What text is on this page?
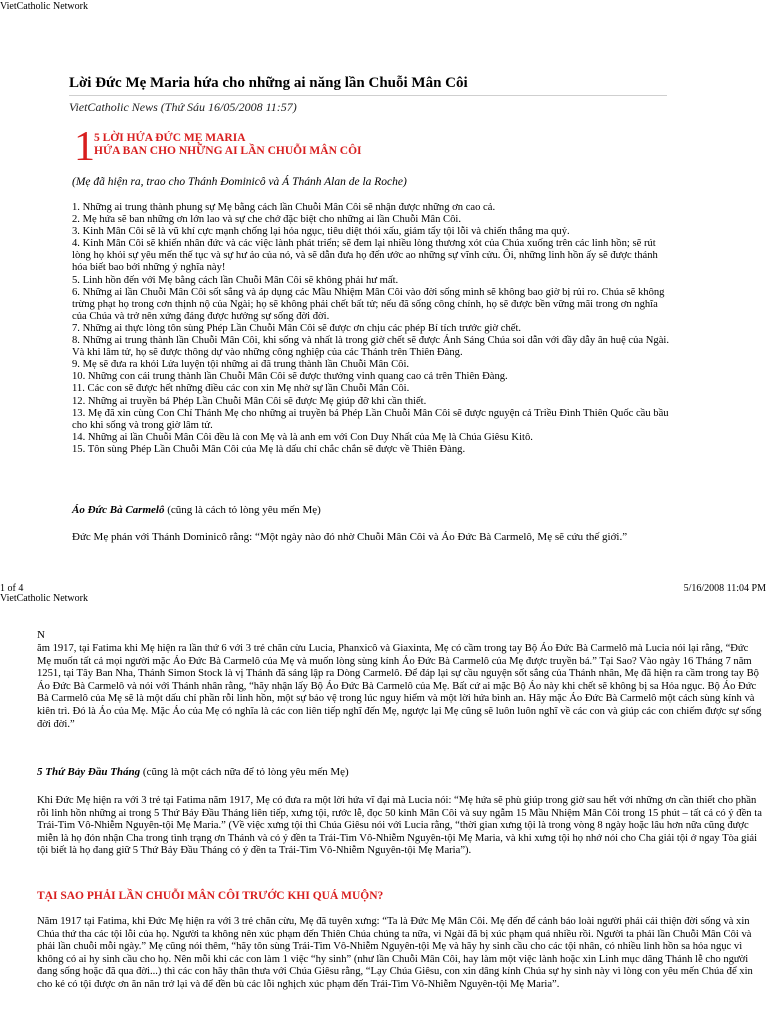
VietCatholic Network
Lời Đức Mẹ Maria hứa cho những ai năng lần Chuỗi Mân Côi
VietCatholic News (Thứ Sáu 16/05/2008 11:57)
1 5 LỜI HỨA ĐỨC MẸ MARIA
HỨA BAN CHO NHỮNG AI LẦN CHUỖI MÂN CÔI
(Mẹ đã hiện ra, trao cho Thánh Đominicô và Á Thánh Alan de la Roche)
1. Những ai trung thành phung sự Mẹ bằng cách lần Chuỗi Mân Côi sẽ nhận được những ơn cao cả.
2. Mẹ hứa sẽ ban những ơn lớn lao và sự che chở đặc biệt cho những ai lần Chuỗi Mân Côi.
3. Kinh Mân Côi sẽ là vũ khí cực mạnh chống lại hỏa ngục, tiêu diệt thói xấu, giảm tẩy tội lỗi và chiến thắng ma quỷ.
4. Kinh Mân Côi sẽ khiến nhân đức và các việc lành phát triển; sẽ đem lại nhiều lòng thương xót của Chúa xuống trên các linh hồn; sẽ rút lòng họ khỏi sự yêu mến thế tục và sự hư ảo của nó, và sẽ dẫn đưa họ đến ước ao những sự vĩnh cửu. Ôi, những linh hồn ấy sẽ được thánh hóa biết bao bởi những ý nghĩa này!
5. Linh hồn đến với Mẹ bằng cách lần Chuỗi Mân Côi sẽ không phải hư mất.
6. Những ai lần Chuỗi Mân Côi sốt sắng và áp dụng các Mầu Nhiệm Mân Côi vào đời sống mình sẽ không bao giờ bị rủi ro. Chúa sẽ không trừng phạt họ trong cơn thịnh nộ của Ngài; họ sẽ không phải chết bất tử; nếu đã sống công chính, họ sẽ được bền vững mãi trong ơn nghĩa của Chúa và trở nên xứng đáng được hưởng sự sống đời đời.
7. Những ai thực lòng tôn sùng Phép Lần Chuỗi Mân Côi sẽ được ơn chịu các phép Bí tích trước giờ chết.
8. Những ai trung thành lần Chuỗi Mân Côi, khi sống và nhất là trong giờ chết sẽ được Ánh Sáng Chúa soi dẫn với đầy dẫy ân huệ của Ngài. Và khi lâm tử, họ sẽ được thông dự vào những công nghiệp của các Thánh trên Thiên Đàng.
9. Mẹ sẽ đưa ra khỏi Lửa luyện tội những ai đã trung thành lần Chuỗi Mân Côi.
10. Những con cái trung thành lần Chuỗi Mân Côi sẽ được thưởng vinh quang cao cả trên Thiên Đàng.
11. Các con sẽ được hết những điều các con xin Mẹ nhờ sự lần Chuỗi Mân Côi.
12. Những ai truyền bá Phép Lần Chuỗi Mân Côi sẽ được Mẹ giúp đỡ khi cần thiết.
13. Mẹ đã xin cùng Con Chí Thánh Mẹ cho những ai truyền bá Phép Lần Chuỗi Mân Côi sẽ được nguyện cả Triều Đình Thiên Quốc cầu bầu cho khi sống và trong giờ lâm tử.
14. Những ai lần Chuỗi Mân Côi đều là con Mẹ và là anh em với Con Duy Nhất của Mẹ là Chúa Giêsu Kitô.
15. Tôn sùng Phép Lần Chuỗi Mân Côi của Mẹ là dấu chỉ chắc chắn sẽ được về Thiên Đàng.
Áo Đức Bà Carmelô (cũng là cách tỏ lòng yêu mến Mẹ)
Đức Mẹ phán với Thánh Dominicô rằng: “Một ngày nào đó nhờ Chuỗi Mân Côi và Áo Đức Bà Carmelô, Mẹ sẽ cứu thế giới.”
1 of 4	5/16/2008 11:04 PM
VietCatholic Network
N

ăm 1917, tại Fatima khi Mẹ hiện ra lần thứ 6 với 3 trẻ chăn cừu Lucia, Phanxicô và Giaxinta, Mẹ có cầm trong tay Bộ Áo Đức Bà Carmelô mà Lucia nói lại rằng, “Đức Mẹ muốn tất cả mọi người mặc Áo Đức Bà Carmelô của Mẹ và muốn lòng sùng kính Áo Đức Bà Carmelô của Mẹ được truyền bá.” Tại Sao? Vào ngày 16 Tháng 7 năm 1251, tại Tây Ban Nha, Thánh Simon Stock là vị Thánh đã sáng lập ra Dòng Carmelô. Để đáp lại sự cầu nguyện sốt sắng của Thánh nhân, Mẹ đã hiện ra cầm trong tay Bộ Áo Đức Bà Carmelô và nói với Thánh nhân rằng, “hãy nhận lấy Bộ Áo Đức Bà Carmelô của Mẹ. Bất cứ ai mặc Bộ Áo này khi chết sẽ không bị sa Hỏa ngục. Bộ Áo Đức Bà Carmelô của Mẹ sẽ là một dấu chỉ phần rỗi linh hồn, một sự bảo vệ trong lúc nguy hiểm và một lời hứa bình an. Hãy mặc Áo Đức Bà Carmelô một cách sùng kính và kiên trì. Đó là Áo của Mẹ. Mặc Áo của Mẹ có nghĩa là các con liên tiếp nghĩ đến Mẹ, ngược lại Mẹ cũng sẽ luôn luôn nghĩ về các con và giúp các con chiếm được sự sống đời đời.”

5 Thứ Bảy Đầu Tháng (cũng là một cách nữa để tỏ lòng yêu mến Mẹ)

Khi Đức Mẹ hiện ra với 3 trẻ tại Fatima năm 1917, Mẹ có đưa ra một lời hứa vĩ đại mà Lucia nói: “Mẹ hứa sẽ phù giúp trong giờ sau hết với những ơn cần thiết cho phần rỗi linh hồn những ai trong 5 Thứ Bảy Đầu Tháng liên tiếp, xưng tội, rước lễ, đọc 50 kinh Mân Côi và suy ngẫm 15 Mầu Nhiệm Mân Côi trong 15 phút – tất cả có ý đền ta Trái-Tim Vô-Nhiễm Nguyên-tội Mẹ Maria.” (Về việc xưng tội thì Chúa Giêsu nói với Lucia rằng, “thời gian xưng tội là trong vòng 8 ngày hoặc lâu hơn nữa cũng được miễn là họ đón nhận Cha trong tình trạng ơn Thánh và có ý đền ta Trái-Tim Vô-Nhiễm Nguyên-tội Mẹ Maria, và khi xưng tội họ nhớ nói cho Cha giải tội ở ngay Tòa giải tội biết là họ đang giữ 5 Thứ Bảy Đầu Tháng có ý đền ta Trái-Tim Vô-Nhiễm Nguyên-tội Mẹ Maria”).

TẠI SAO PHẢI LẦN CHUỖI MÂN CÔI TRƯỚC KHI QUÁ MUỘN?

Năm 1917 tại Fatima, khi Đức Mẹ hiện ra với 3 trẻ chăn cừu, Mẹ đã tuyên xưng: “Ta là Đức Mẹ Mân Côi. Mẹ đến để cảnh báo loài người phải cải thiện đời sống và xin Chúa thứ tha các tội lỗi của họ. Người ta không nên xúc phạm đến Thiên Chúa chúng ta nữa, vì Ngài đã bị xúc phạm quá nhiều rồi. Người ta phải lần Chuỗi Mân Côi và phải lần chuỗi mỗi ngày.” Mẹ cũng nói thêm, “hãy tôn sùng Trái-Tim Vô-Nhiễm Nguyên-tội Mẹ và hãy hy sinh cầu cho các tội nhân, có nhiều linh hồn sa hỏa ngục vì không có ai hy sinh cầu cho họ. Nên mỗi khi các con làm 1 việc “hy sinh” (như lần Chuỗi Mân Côi, hay làm một việc lành hoặc xin Linh mục dâng Thánh lễ cho người đang sống hoặc đã qua đời...) thì các con hãy thân thưa với Chúa Giêsu rằng, “Lạy Chúa Giêsu, con xin dâng kính Chúa sự hy sinh này vì lòng con yêu mến Chúa để xin cho kẻ có tội được ơn ăn năn trở lại và để đền bù các lỗi nghịch xúc phạm đến Trái-Tim Vô-Nhiễm Nguyên-tội Mẹ Maria”.
